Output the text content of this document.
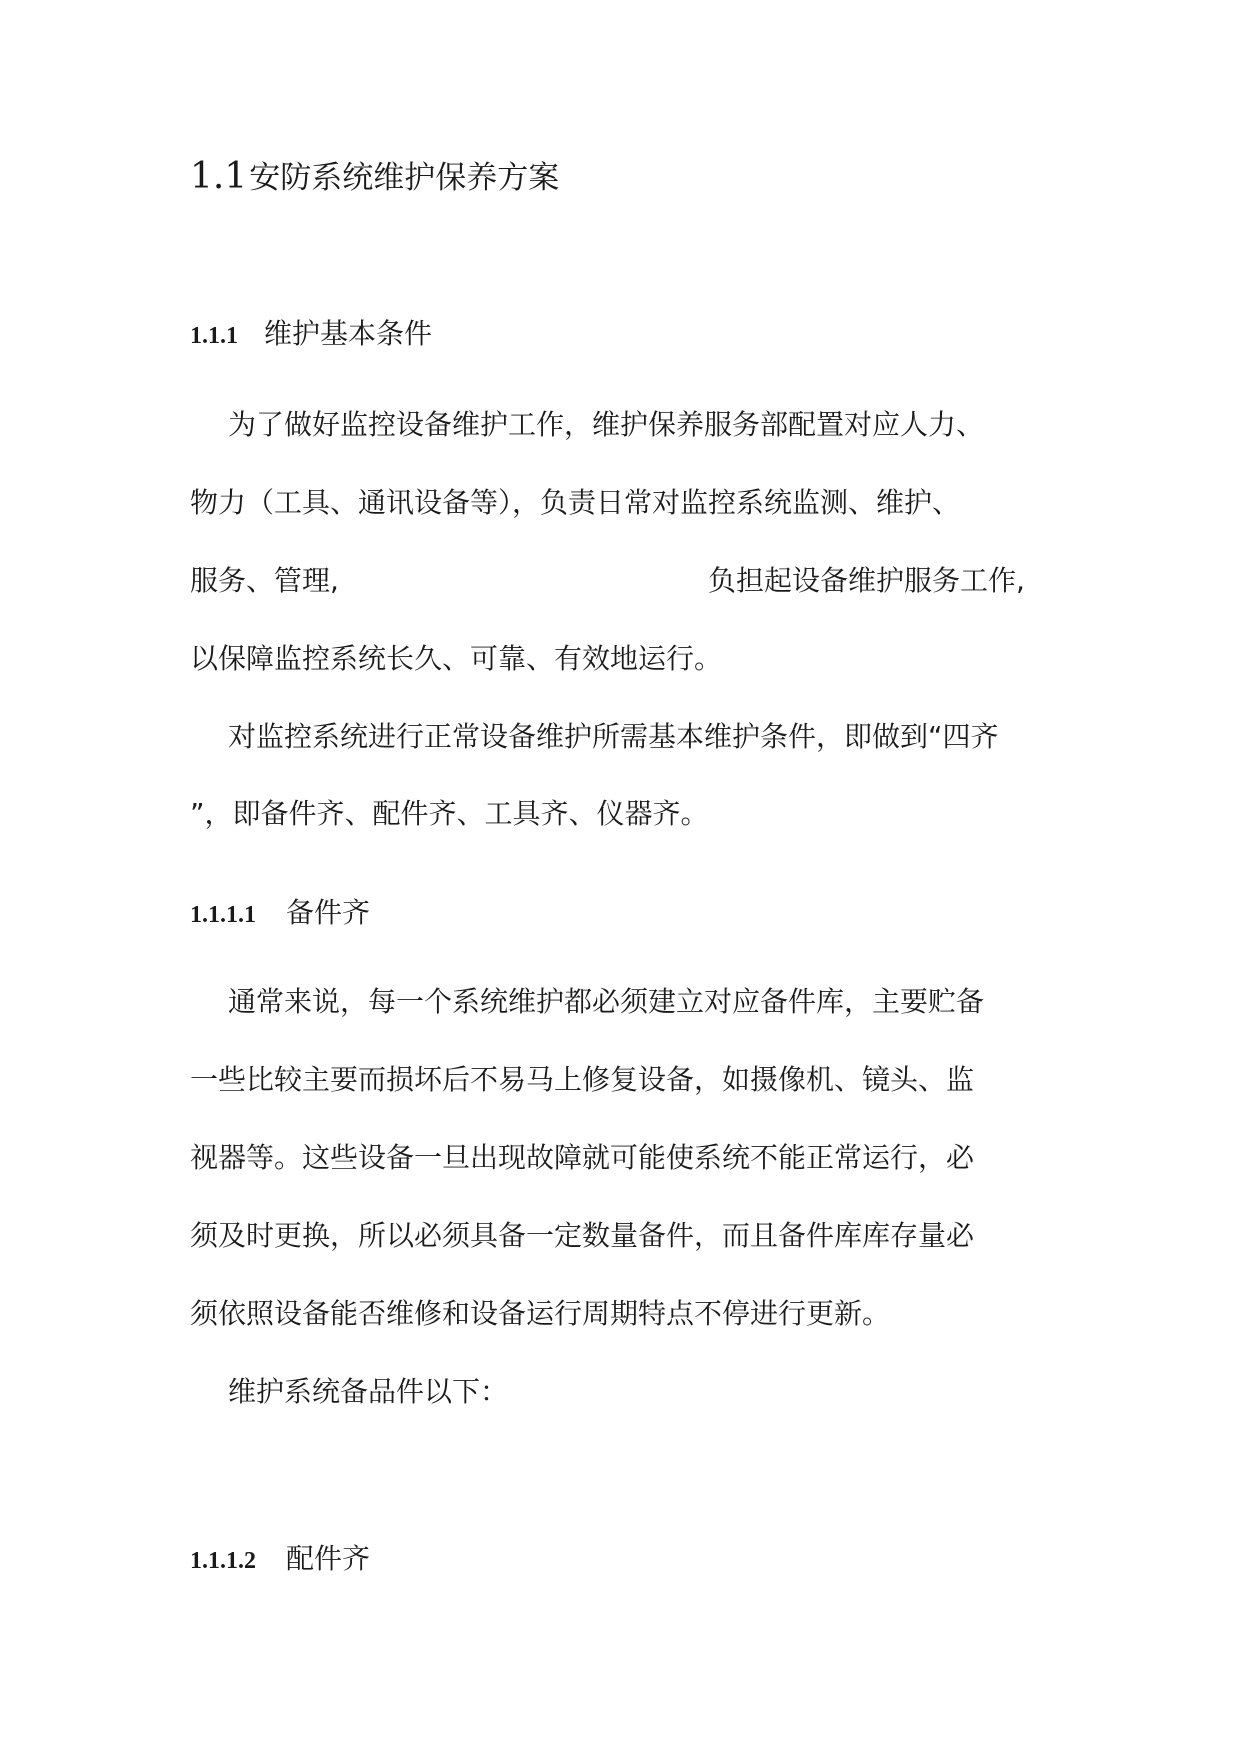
1.1安防系统维护保养方案
1.1.1 维护基本条件
为了做好监控设备维护工作，维护保养服务部配置对应人力、
物力（工具、通讯设备等），负责日常对监控系统监测、维护、
服务、管理,	负担起设备维护服务工作,
以保障监控系统长久、可靠、有效地运行。
对监控系统进行正常设备维护所需基本维护条件，即做到“四齐
”，即备件齐、配件齐、工具齐、仪器齐。
1.1.1.1 备件齐
通常来说，每一个系统维护都必须建立对应备件库，主要贮备
一些比较主要而损坏后不易马上修复设备，如摄像机、镜头、监
视器等。这些设备一旦出现故障就可能使系统不能正常运行，必
须及时更换，所以必须具备一定数量备件，而且备件库库存量必
须依照设备能否维修和设备运行周期特点不停进行更新。
维护系统备品件以下：
1.1.1.2 配件齐
